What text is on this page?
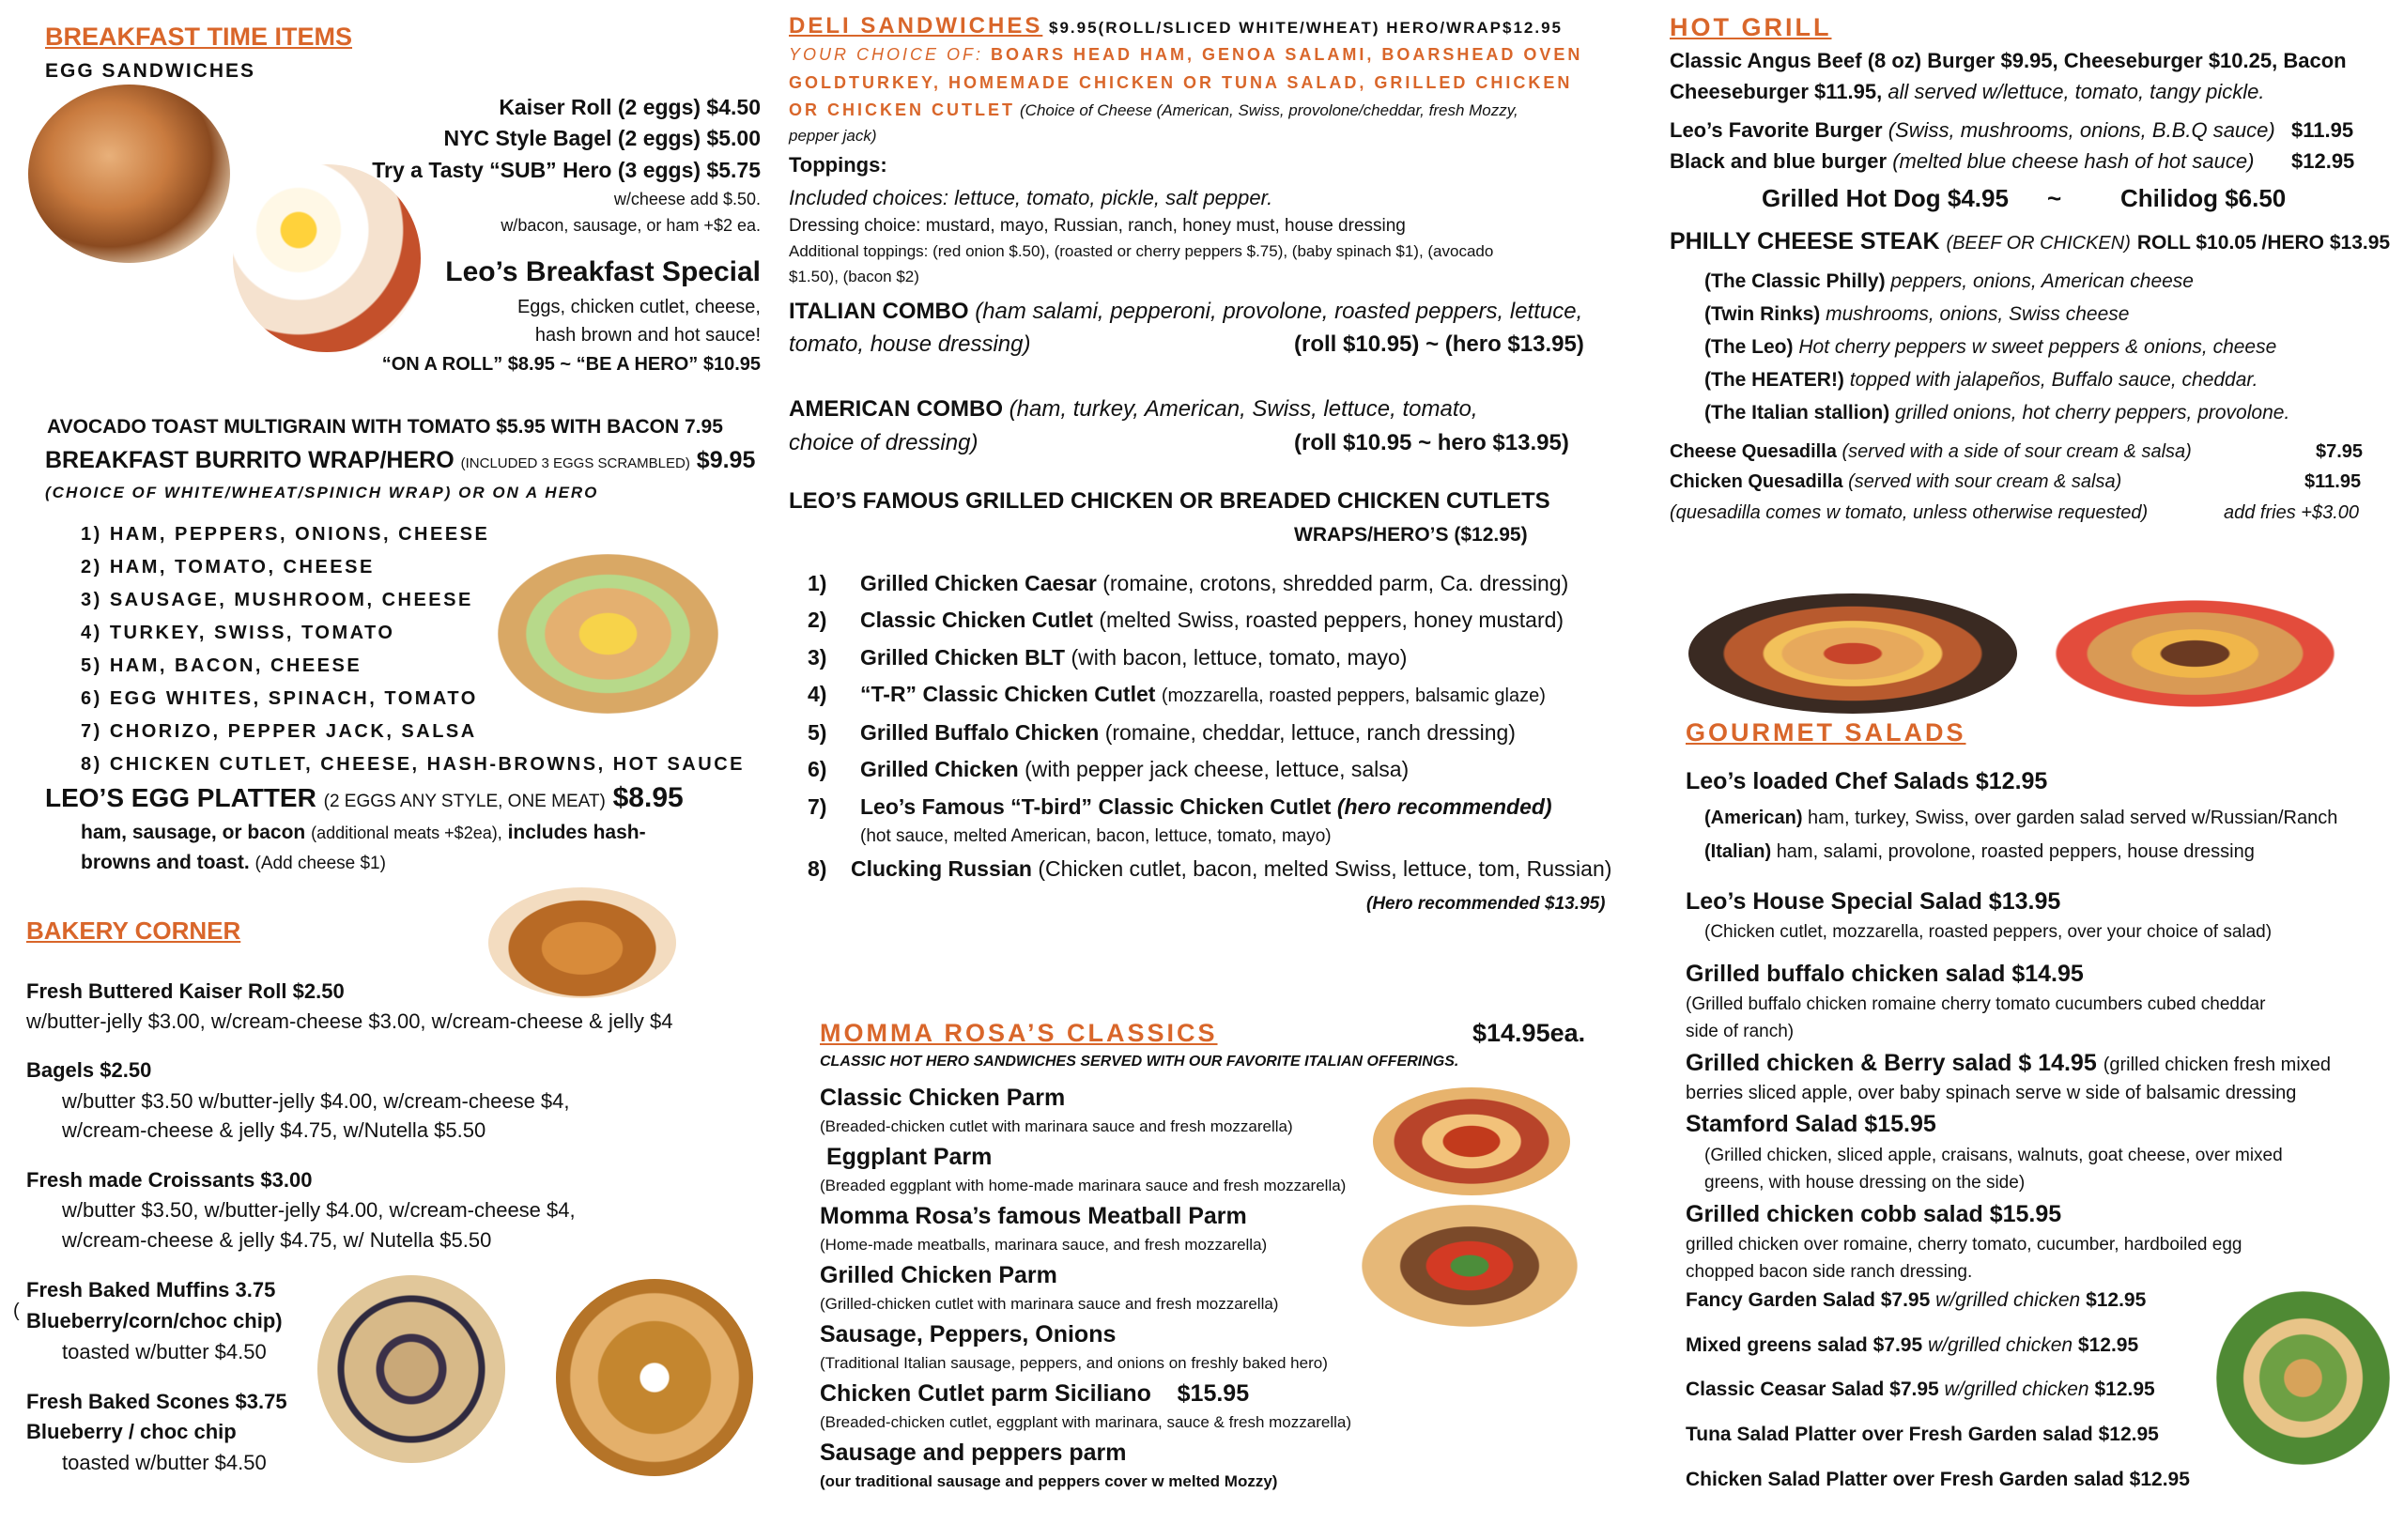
BREAKFAST TIME ITEMS
EGG SANDWICHES
Kaiser Roll (2 eggs) $4.50
NYC Style Bagel (2 eggs) $5.00
Try a Tasty “SUB” Hero (3 eggs) $5.75
w/cheese add $.50.
w/bacon, sausage, or ham +$2 ea.
Leo’s Breakfast Special
Eggs, chicken cutlet, cheese,
hash brown and hot sauce!
“ON A ROLL” $8.95 ~ “BE A HERO” $10.95
AVOCADO TOAST MULTIGRAIN WITH TOMATO $5.95 WITH BACON 7.95
BREAKFAST BURRITO WRAP/HERO (INCLUDED 3 EGGS SCRAMBLED) $9.95
(CHOICE OF WHITE/WHEAT/SPINICH WRAP) OR ON A HERO
1) HAM, PEPPERS, ONIONS, CHEESE
2) HAM, TOMATO, CHEESE
3) SAUSAGE, MUSHROOM, CHEESE
4) TURKEY, SWISS, TOMATO
5) HAM, BACON, CHEESE
6) EGG WHITES, SPINACH, TOMATO
7) CHORIZO, PEPPER JACK, SALSA
8) CHICKEN CUTLET, CHEESE, HASH-BROWNS, HOT SAUCE
LEO’S EGG PLATTER (2 EGGS ANY STYLE, ONE MEAT) $8.95
ham, sausage, or bacon (additional meats +$2ea), includes hash-
browns and toast. (Add cheese $1)
BAKERY CORNER
Fresh Buttered Kaiser Roll $2.50
w/butter-jelly $3.00, w/cream-cheese $3.00, w/cream-cheese & jelly $4
Bagels $2.50
w/butter $3.50 w/butter-jelly $4.00, w/cream-cheese $4,
w/cream-cheese & jelly $4.75, w/Nutella $5.50
Fresh made Croissants $3.00
w/butter $3.50, w/butter-jelly $4.00, w/cream-cheese $4,
w/cream-cheese & jelly $4.75, w/ Nutella $5.50
Fresh Baked Muffins 3.75
( Blueberry/corn/choc chip)
toasted w/butter $4.50
Fresh Baked Scones $3.75
Blueberry / choc chip
toasted w/butter $4.50
DELI SANDWICHES $9.95(ROLL/SLICED WHITE/WHEAT) HERO/WRAP$12.95
YOUR CHOICE OF: BOARS HEAD HAM, GENOA SALAMI, BOARSHEAD OVEN
GOLDTURKEY, HOMEMADE CHICKEN OR TUNA SALAD, GRILLED CHICKEN
OR CHICKEN CUTLET (Choice of Cheese (American, Swiss, provolone/cheddar, fresh Mozzy,
pepper jack)
Toppings:
Included choices: lettuce, tomato, pickle, salt pepper.
Dressing choice: mustard, mayo, Russian, ranch, honey must, house dressing
Additional toppings: (red onion $.50), (roasted or cherry peppers $.75), (baby spinach $1), (avocado
$1.50), (bacon $2)
ITALIAN COMBO (ham salami, pepperoni, provolone, roasted peppers, lettuce,
tomato, house dressing)	(roll $10.95) ~ (hero $13.95)
AMERICAN COMBO (ham, turkey, American, Swiss, lettuce, tomato,
choice of dressing)	(roll $10.95 ~ hero $13.95)
LEO’S FAMOUS GRILLED CHICKEN OR BREADED CHICKEN CUTLETS
WRAPS/HERO’S ($12.95)
1) Grilled Chicken Caesar (romaine, crotons, shredded parm, Ca. dressing)
2) Classic Chicken Cutlet (melted Swiss, roasted peppers, honey mustard)
3) Grilled Chicken BLT (with bacon, lettuce, tomato, mayo)
4) “T-R” Classic Chicken Cutlet (mozzarella, roasted peppers, balsamic glaze)
5) Grilled Buffalo Chicken (romaine, cheddar, lettuce, ranch dressing)
6) Grilled Chicken (with pepper jack cheese, lettuce, salsa)
7) Leo’s Famous “T-bird” Classic Chicken Cutlet (hero recommended)
(hot sauce, melted American, bacon, lettuce, tomato, mayo)
8) Clucking Russian (Chicken cutlet, bacon, melted Swiss, lettuce, tom, Russian)
(Hero recommended $13.95)
MOMMA ROSA’S CLASSICS	$14.95ea.
CLASSIC HOT HERO SANDWICHES SERVED WITH OUR FAVORITE ITALIAN OFFERINGS.
Classic Chicken Parm
(Breaded-chicken cutlet with marinara sauce and fresh mozzarella)
Eggplant Parm
(Breaded eggplant with home-made marinara sauce and fresh mozzarella)
Momma Rosa’s famous Meatball Parm
(Home-made meatballs, marinara sauce, and fresh mozzarella)
Grilled Chicken Parm
(Grilled-chicken cutlet with marinara sauce and fresh mozzarella)
Sausage, Peppers, Onions
(Traditional Italian sausage, peppers, and onions on freshly baked hero)
Chicken Cutlet parm Siciliano    $15.95
(Breaded-chicken cutlet, eggplant with marinara, sauce & fresh mozzarella)
Sausage and peppers parm
(our traditional sausage and peppers cover w melted Mozzy)
HOT GRILL
Classic Angus Beef (8 oz) Burger $9.95, Cheeseburger $10.25, Bacon
Cheeseburger $11.95, all served w/lettuce, tomato, tangy pickle.
Leo’s Favorite Burger (Swiss, mushrooms, onions, B.B.Q sauce) $11.95
Black and blue burger (melted blue cheese hash of hot sauce) $12.95
Grilled Hot Dog $4.95 ~ Chilidog $6.50
PHILLY CHEESE STEAK (BEEF OR CHICKEN) ROLL $10.05 /HERO $13.95
(The Classic Philly) peppers, onions, American cheese
(Twin Rinks) mushrooms, onions, Swiss cheese
(The Leo) Hot cherry peppers w sweet peppers & onions, cheese
(The HEATER!) topped with jalapeños, Buffalo sauce, cheddar.
(The Italian stallion) grilled onions, hot cherry peppers, provolone.
Cheese Quesadilla (served with a side of sour cream & salsa)	$7.95
Chicken Quesadilla (served with sour cream & salsa)	$11.95
(quesadilla comes w tomato, unless otherwise requested)	add fries +$3.00
GOURMET SALADS
Leo’s loaded Chef Salads $12.95
(American) ham, turkey, Swiss, over garden salad served w/Russian/Ranch
(Italian) ham, salami, provolone, roasted peppers, house dressing
Leo’s House Special Salad $13.95
(Chicken cutlet, mozzarella, roasted peppers, over your choice of salad)
Grilled buffalo chicken salad $14.95
(Grilled buffalo chicken romaine cherry tomato cucumbers cubed cheddar
side of ranch)
Grilled chicken & Berry salad $ 14.95 (grilled chicken fresh mixed
berries sliced apple, over baby spinach serve w side of balsamic dressing
Stamford Salad $15.95
(Grilled chicken, sliced apple, craisans, walnuts, goat cheese, over mixed
greens, with house dressing on the side)
Grilled chicken cobb salad $15.95
grilled chicken over romaine, cherry tomato, cucumber, hardboiled egg
chopped bacon side ranch dressing.
Fancy Garden Salad $7.95 w/grilled chicken $12.95
Mixed greens salad $7.95 w/grilled chicken $12.95
Classic Ceasar Salad $7.95 w/grilled chicken $12.95
Tuna Salad Platter over Fresh Garden salad $12.95
Chicken Salad Platter over Fresh Garden salad $12.95
